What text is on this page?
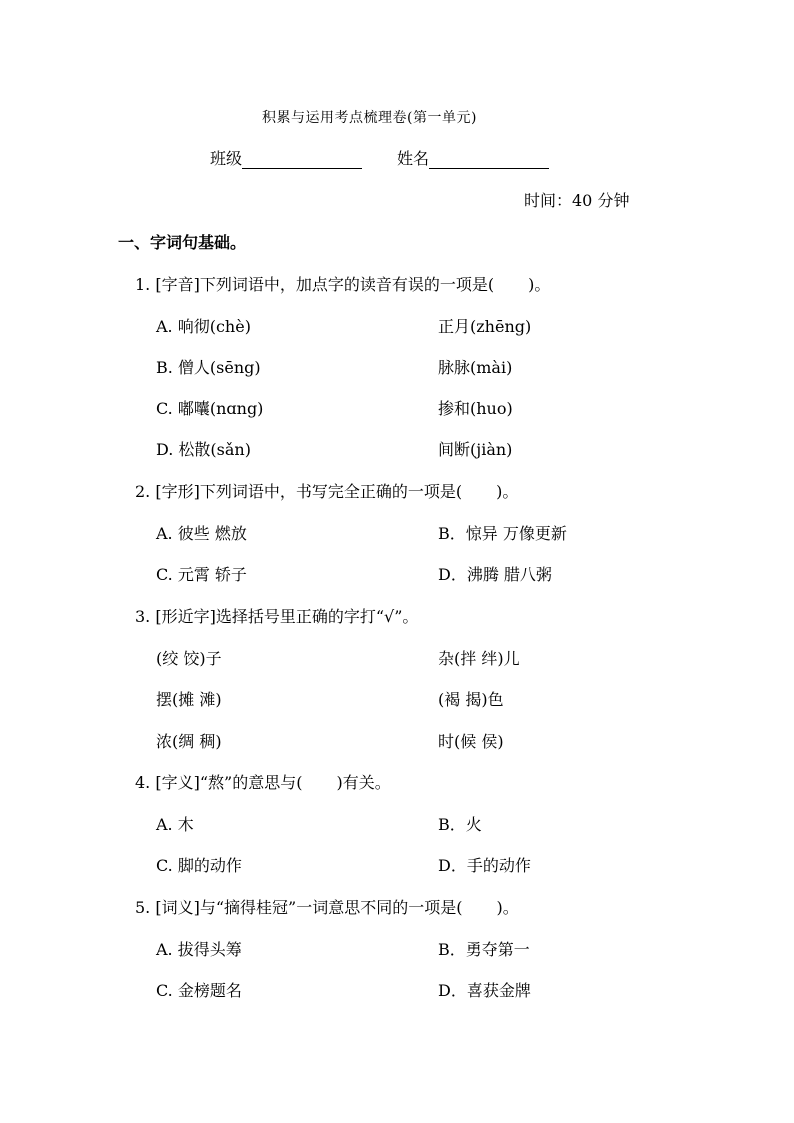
积累与运用考点梳理卷(第一单元)
班级	姓名
时间：40 分钟
一、字词句基础。
1. [字音]下列词语中，加点字的读音有误的一项是( )。
A. 响彻(chè)	正月(zhēng)
B. 僧人(sēng)	脉脉(mài)
C. 嘟囔(nɑng)	掺和(huo)
D. 松散(sǎn)	间断(jiàn)
2. [字形]下列词语中，书写完全正确的一项是( )。
A. 彼些 燃放	B．惊异 万像更新
C. 元霄 轿子	D．沸腾 腊八粥
3. [形近字]选择括号里正确的字打“√”。
(绞 饺)子	杂(拌 绊)儿
摆(摊 滩)	(褐 揭)色
浓(绸 稠)	时(候 侯)
4. [字义]“熬”的意思与( )有关。
A. 木	B．火
C. 脚的动作	D．手的动作
5. [词义]与“摘得桂冠”一词意思不同的一项是( )。
A. 拔得头筹	B．勇夺第一
C. 金榜题名	D．喜获金牌
